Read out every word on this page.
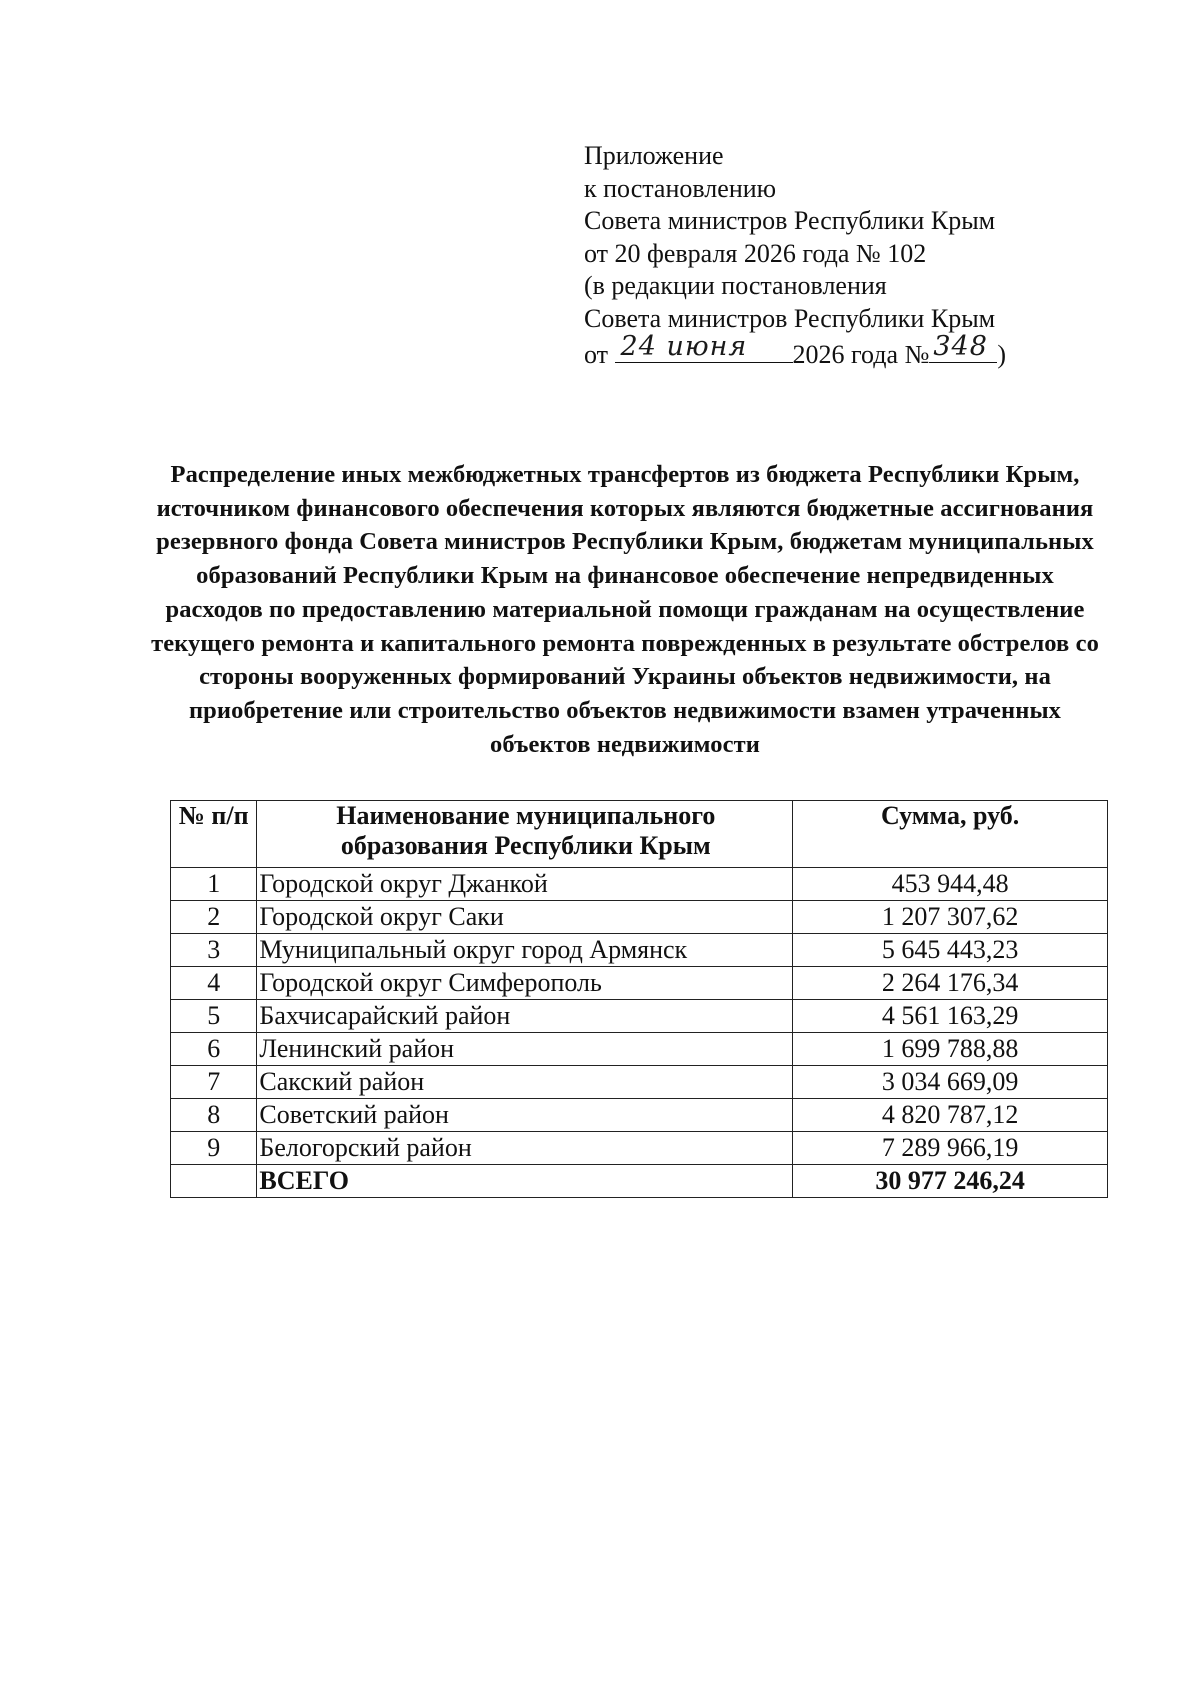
Приложение
к постановлению
Совета министров Республики Крым
от 20 февраля 2026 года № 102
(в редакции постановления
Совета министров Республики Крым
от 24 июня 2026 года № 348 )
Распределение иных межбюджетных трансфертов из бюджета Республики Крым, источником финансового обеспечения которых являются бюджетные ассигнования резервного фонда Совета министров Республики Крым, бюджетам муниципальных образований Республики Крым на финансовое обеспечение непредвиденных расходов по предоставлению материальной помощи гражданам на осуществление текущего ремонта и капитального ремонта поврежденных в результате обстрелов со стороны вооруженных формирований Украины объектов недвижимости, на приобретение или строительство объектов недвижимости взамен утраченных объектов недвижимости
№ п/п	Наименование муниципального образования Республики Крым	Сумма, руб.
1	Городской округ Джанкой	453 944,48
2	Городской округ Саки	1 207 307,62
3	Муниципальный округ город Армянск	5 645 443,23
4	Городской округ Симферополь	2 264 176,34
5	Бахчисарайский район	4 561 163,29
6	Ленинский район	1 699 788,88
7	Сакский район	3 034 669,09
8	Советский район	4 820 787,12
9	Белогорский район	7 289 966,19
	ВСЕГО	30 977 246,24
